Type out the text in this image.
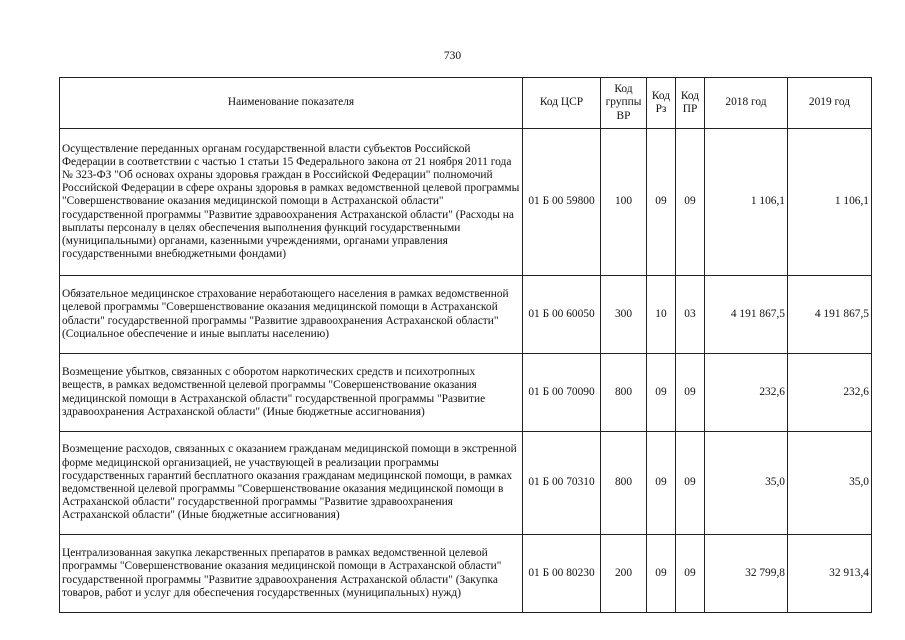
730
Наименование показателя	Код ЦСР	Код группы ВР	Код Рз	Код ПР	2018 год	2019 год
Осуществление переданных органам государственной власти субъектов Российской Федерации в соответствии с частью 1 статьи 15 Федерального закона от 21 ноября 2011 года № 323-ФЗ "Об основах охраны здоровья граждан в Российской Федерации" полномочий Российской Федерации в сфере охраны здоровья в рамках ведомственной целевой программы "Совершенствование оказания медицинской помощи в Астраханской области" государственной программы "Развитие здравоохранения Астраханской области" (Расходы на выплаты персоналу в целях обеспечения выполнения функций государственными (муниципальными) органами, казенными учреждениями, органами управления государственными внебюджетными фондами)	01 Б 00 59800	100	09	09	1 106,1	1 106,1
Обязательное медицинское страхование неработающего населения в рамках ведомственной целевой программы "Совершенствование оказания медицинской помощи в Астраханской области" государственной программы "Развитие здравоохранения Астраханской области" (Социальное обеспечение и иные выплаты населению)	01 Б 00 60050	300	10	03	4 191 867,5	4 191 867,5
Возмещение убытков, связанных с оборотом наркотических средств и психотропных веществ, в рамках ведомственной целевой программы "Совершенствование оказания медицинской помощи в Астраханской области" государственной программы "Развитие здравоохранения Астраханской области" (Иные бюджетные ассигнования)	01 Б 00 70090	800	09	09	232,6	232,6
Возмещение расходов, связанных с оказанием гражданам медицинской помощи в экстренной форме медицинской организацией, не участвующей в реализации программы государственных гарантий бесплатного оказания гражданам медицинской помощи, в рамках ведомственной целевой программы "Совершенствование оказания медицинской помощи в Астраханской области" государственной программы "Развитие здравоохранения Астраханской области" (Иные бюджетные ассигнования)	01 Б 00 70310	800	09	09	35,0	35,0
Централизованная закупка лекарственных препаратов в рамках ведомственной целевой программы "Совершенствование оказания медицинской помощи в Астраханской области" государственной программы "Развитие здравоохранения Астраханской области" (Закупка товаров, работ и услуг для обеспечения государственных (муниципальных) нужд)	01 Б 00 80230	200	09	09	32 799,8	32 913,4
